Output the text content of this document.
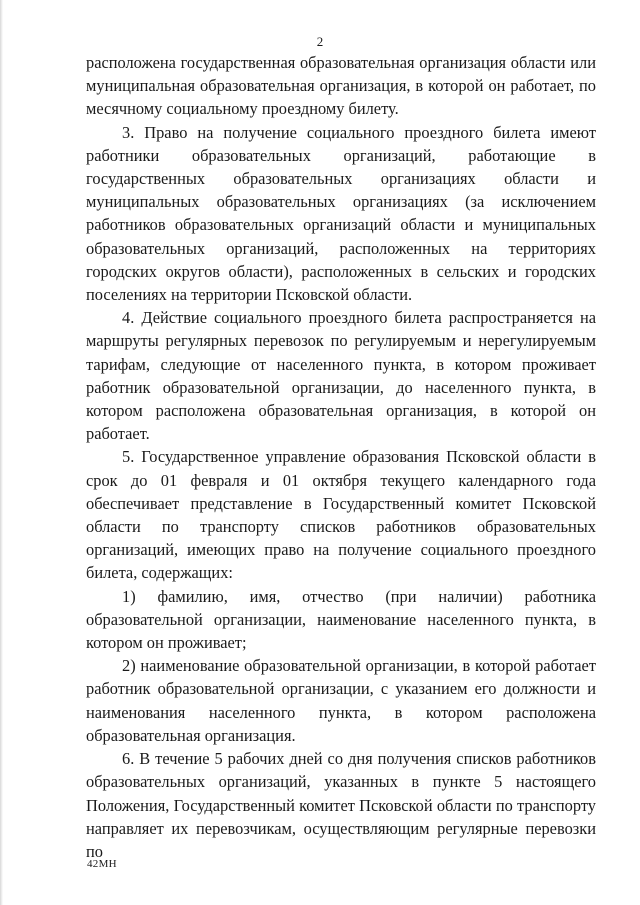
2

расположена государственная образовательная организация области или муниципальная образовательная организация, в которой он работает, по месячному социальному проездному билету.

3. Право на получение социального проездного билета имеют работники образовательных организаций, работающие в государственных образовательных организациях области и муниципальных образовательных организациях (за исключением работников образовательных организаций области и муниципальных образовательных организаций, расположенных на территориях городских округов области), расположенных в сельских и городских поселениях на территории Псковской области.

4. Действие социального проездного билета распространяется на маршруты регулярных перевозок по регулируемым и нерегулируемым тарифам, следующие от населенного пункта, в котором проживает работник образовательной организации, до населенного пункта, в котором расположена образовательная организация, в которой он работает.

5. Государственное управление образования Псковской области в срок до 01 февраля и 01 октября текущего календарного года обеспечивает представление в Государственный комитет Псковской области по транспорту списков работников образовательных организаций, имеющих право на получение социального проездного билета, содержащих:

1) фамилию, имя, отчество (при наличии) работника образовательной организации, наименование населенного пункта, в котором он проживает;

2) наименование образовательной организации, в которой работает работник образовательной организации, с указанием его должности и наименования населенного пункта, в котором расположена образовательная организация.

6. В течение 5 рабочих дней со дня получения списков работников образовательных организаций, указанных в пункте 5 настоящего Положения, Государственный комитет Псковской области по транспорту направляет их перевозчикам, осуществляющим регулярные перевозки по

42МН
